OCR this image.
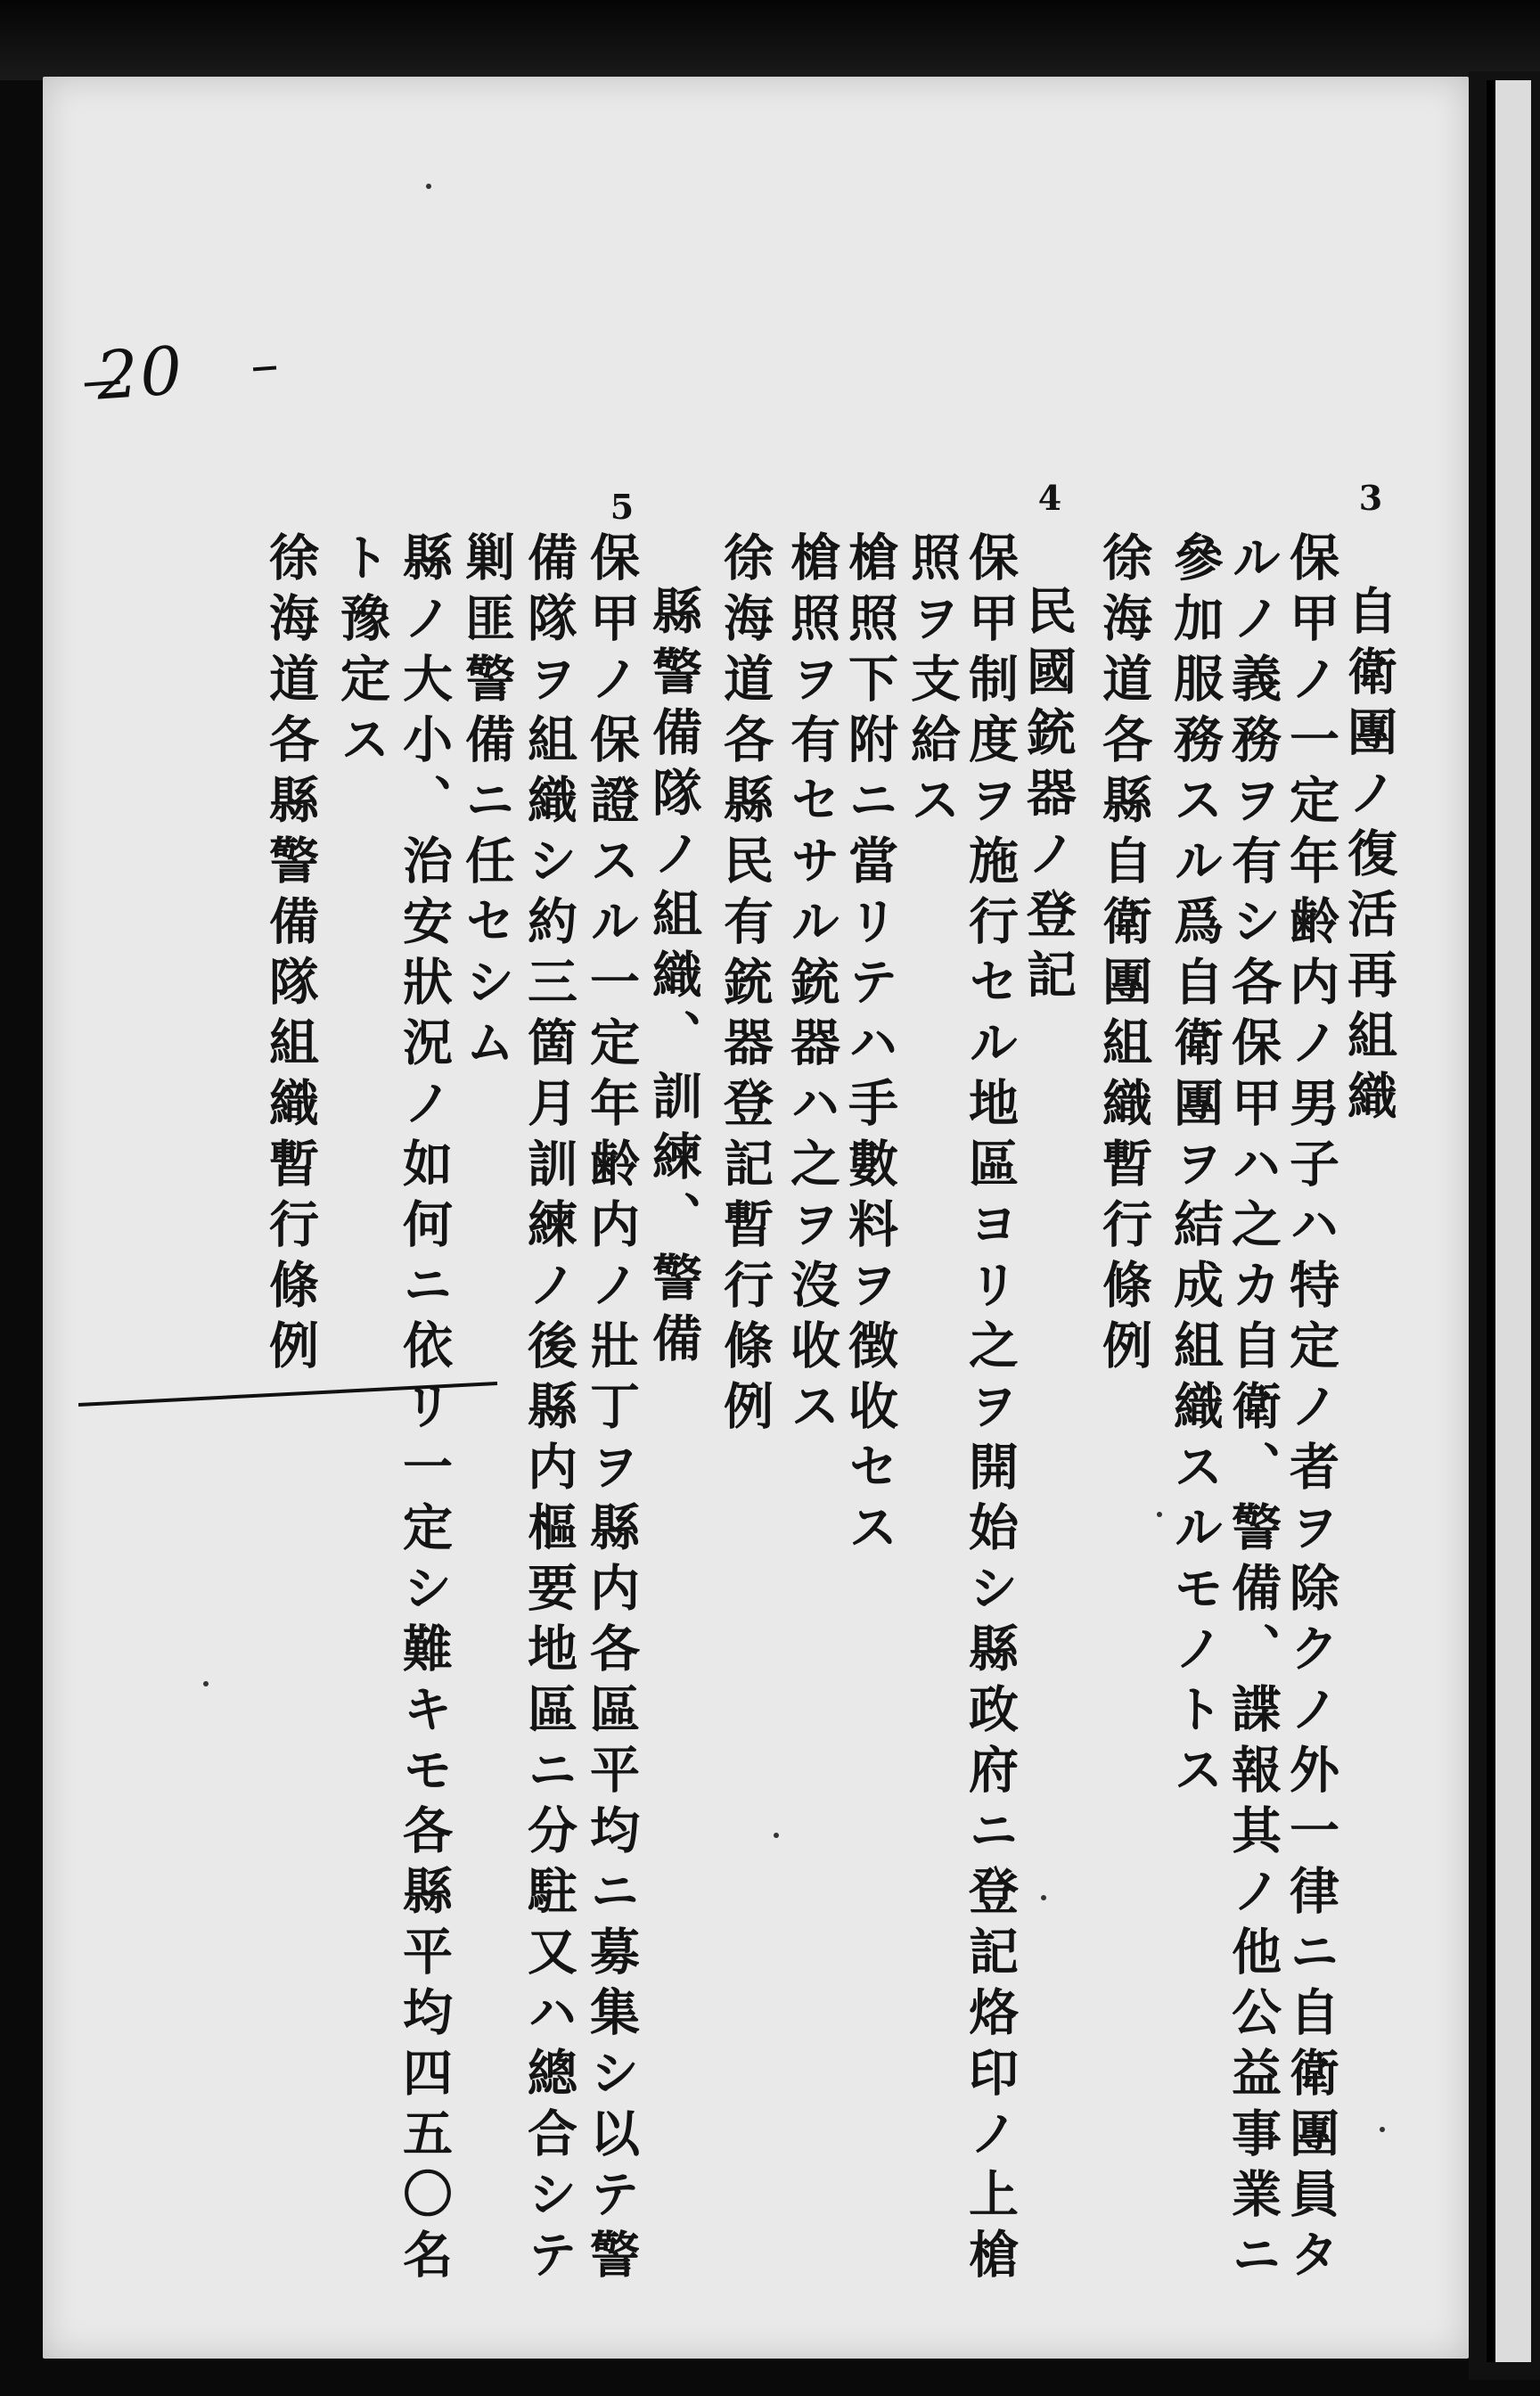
20
3
4
5
自衛團ノ復活再組織
保甲ノ一定年齢内ノ男子ハ特定ノ者ヲ除クノ外一律ニ自衛團員タ
ルノ義務ヲ有シ各保甲ハ之カ自衛、警備、諜報其ノ他公益事業ニ
參加服務スル爲自衛團ヲ結成組織スルモノトス
徐海道各縣自衛團組織暫行條例
民國銃器ノ登記
保甲制度ヲ施行セル地區ヨリ之ヲ開始シ縣政府ニ登記烙印ノ上槍
照ヲ支給ス
槍照下附ニ當リテハ手數料ヲ徴收セス
槍照ヲ有セサル銃器ハ之ヲ沒收ス
徐海道各縣民有銃器登記暫行條例
縣警備隊ノ組織、訓練、警備
保甲ノ保證スル一定年齢内ノ壯丁ヲ縣内各區平均ニ募集シ以テ警
備隊ヲ組織シ約三箇月訓練ノ後縣内樞要地區ニ分駐又ハ總合シテ
剿匪警備ニ任セシム
縣ノ大小、治安狀況ノ如何ニ依リ一定シ難キモ各縣平均四五〇名
ト豫定ス
徐海道各縣警備隊組織暫行條例
